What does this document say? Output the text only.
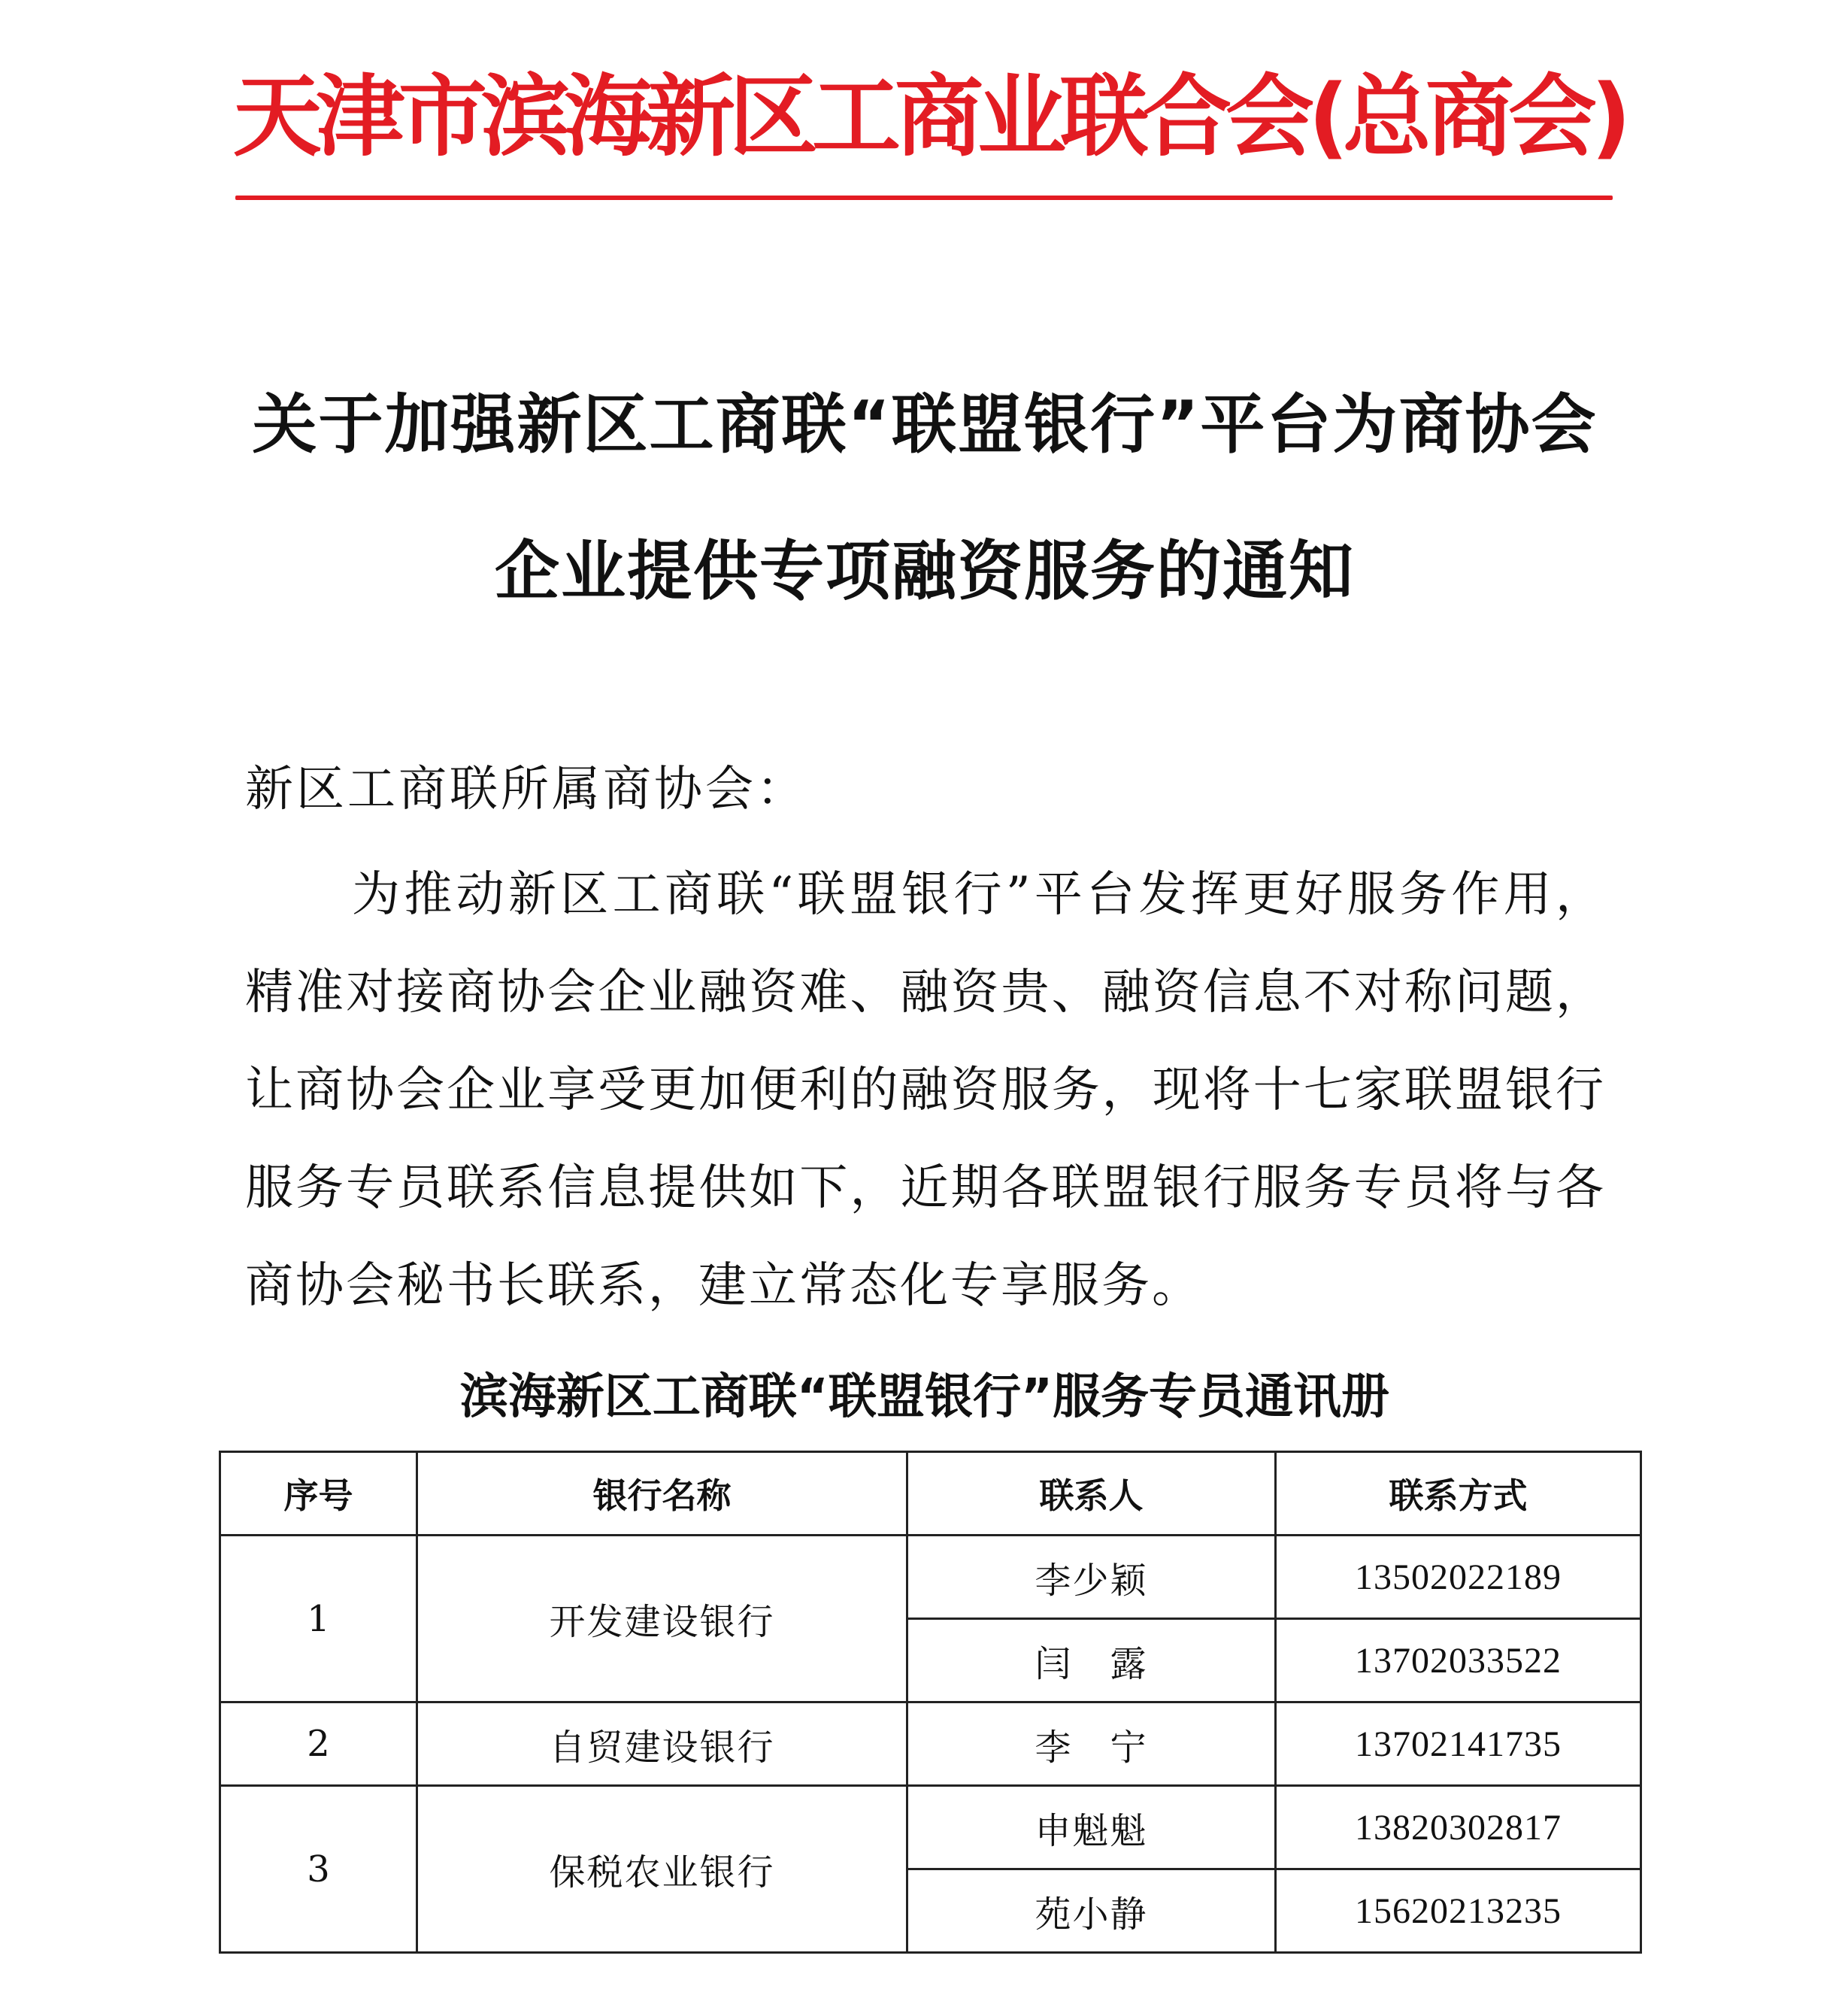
天津市滨海新区工商业联合会(总商会)
关于加强新区工商联“联盟银行”平台为商协会
企业提供专项融资服务的通知
新区工商联所属商协会：
为推动新区工商联“联盟银行”平台发挥更好服务作用，精准对接商协会企业融资难、融资贵、融资信息不对称问题，让商协会企业享受更加便利的融资服务，现将十七家联盟银行服务专员联系信息提供如下，近期各联盟银行服务专员将与各商协会秘书长联系，建立常态化专享服务。
滨海新区工商联“联盟银行”服务专员通讯册
序号	银行名称	联系人	联系方式
1	开发建设银行	李少颖	13502022189
		闫　露	13702033522
2	自贸建设银行	李　宁	13702141735
3	保税农业银行	申魁魁	13820302817
		苑小静	15620213235
